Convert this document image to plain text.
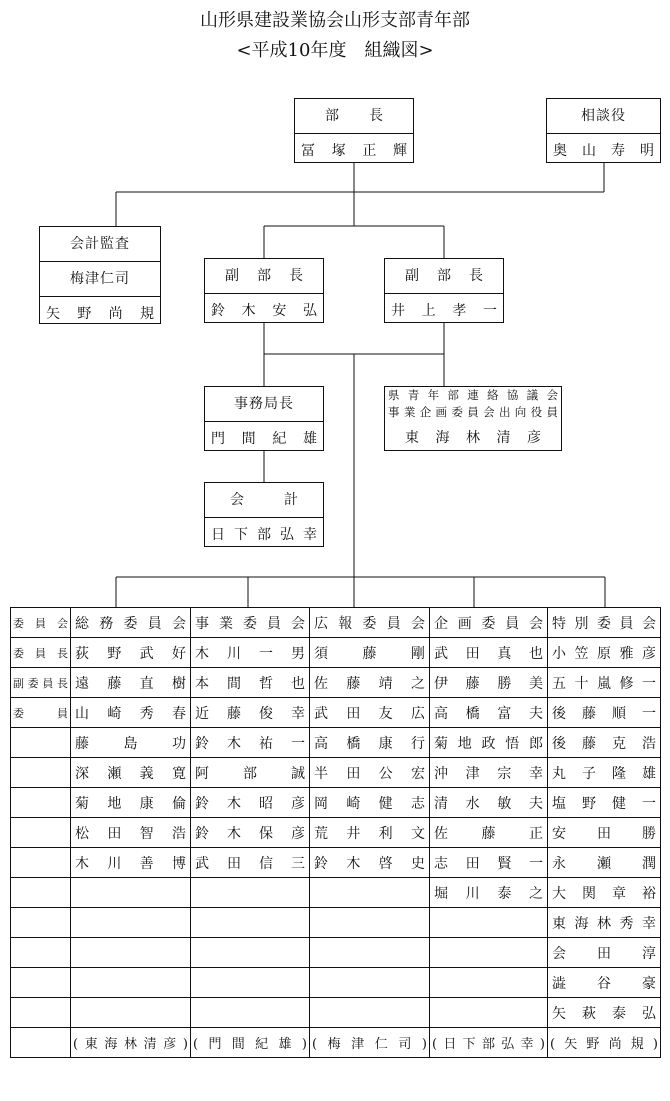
山形県建設業協会山形支部青年部
<平成10年度　組織図>
部　長
冨 塚 正 輝
相談役
奥 山 寿 明
会計監査
梅津仁司
矢 野 尚 規
副 部 長
鈴 木 安 弘
副 部 長
井 上 孝 一
事務局長
門 間 紀 雄
県青年部連絡協議会
事業企画委員会出向役員
東 海 林 清 彦
会　計
日 下 部 弘 幸
委員会	総務委員会	事業委員会	広報委員会	企画委員会	特別委員会
委員長	荻野武好	木川一男	須藤剛	武田真也	小笠原雅彦
副委員長	遠藤直樹	本間哲也	佐藤靖之	伊藤勝美	五十嵐修一
委員	山崎秀春	近藤俊幸	武田友広	高橋富夫	後藤順一
	藤　島　功	鈴木祐一	高橋康行	菊地政悟郎	後藤克浩
	深瀬義寛	阿　部　誠	半田公宏	沖津宗幸	丸子隆雄
	菊地康倫	鈴木昭彦	岡崎健志	清水敏夫	塩野健一
	松田智浩	鈴木保彦	荒井利文	佐　藤　正	安　田　勝
	木川善博	武田信三	鈴木啓史	志田賢一	永　瀬　潤
				堀川泰之	大関章裕
					東海林秀幸
					会　田　淳
					澁　谷　豪
					矢萩泰弘
	(東海林清彦)	(門間紀雄)	(梅津仁司)	(日下部弘幸)	(矢野尚規)
